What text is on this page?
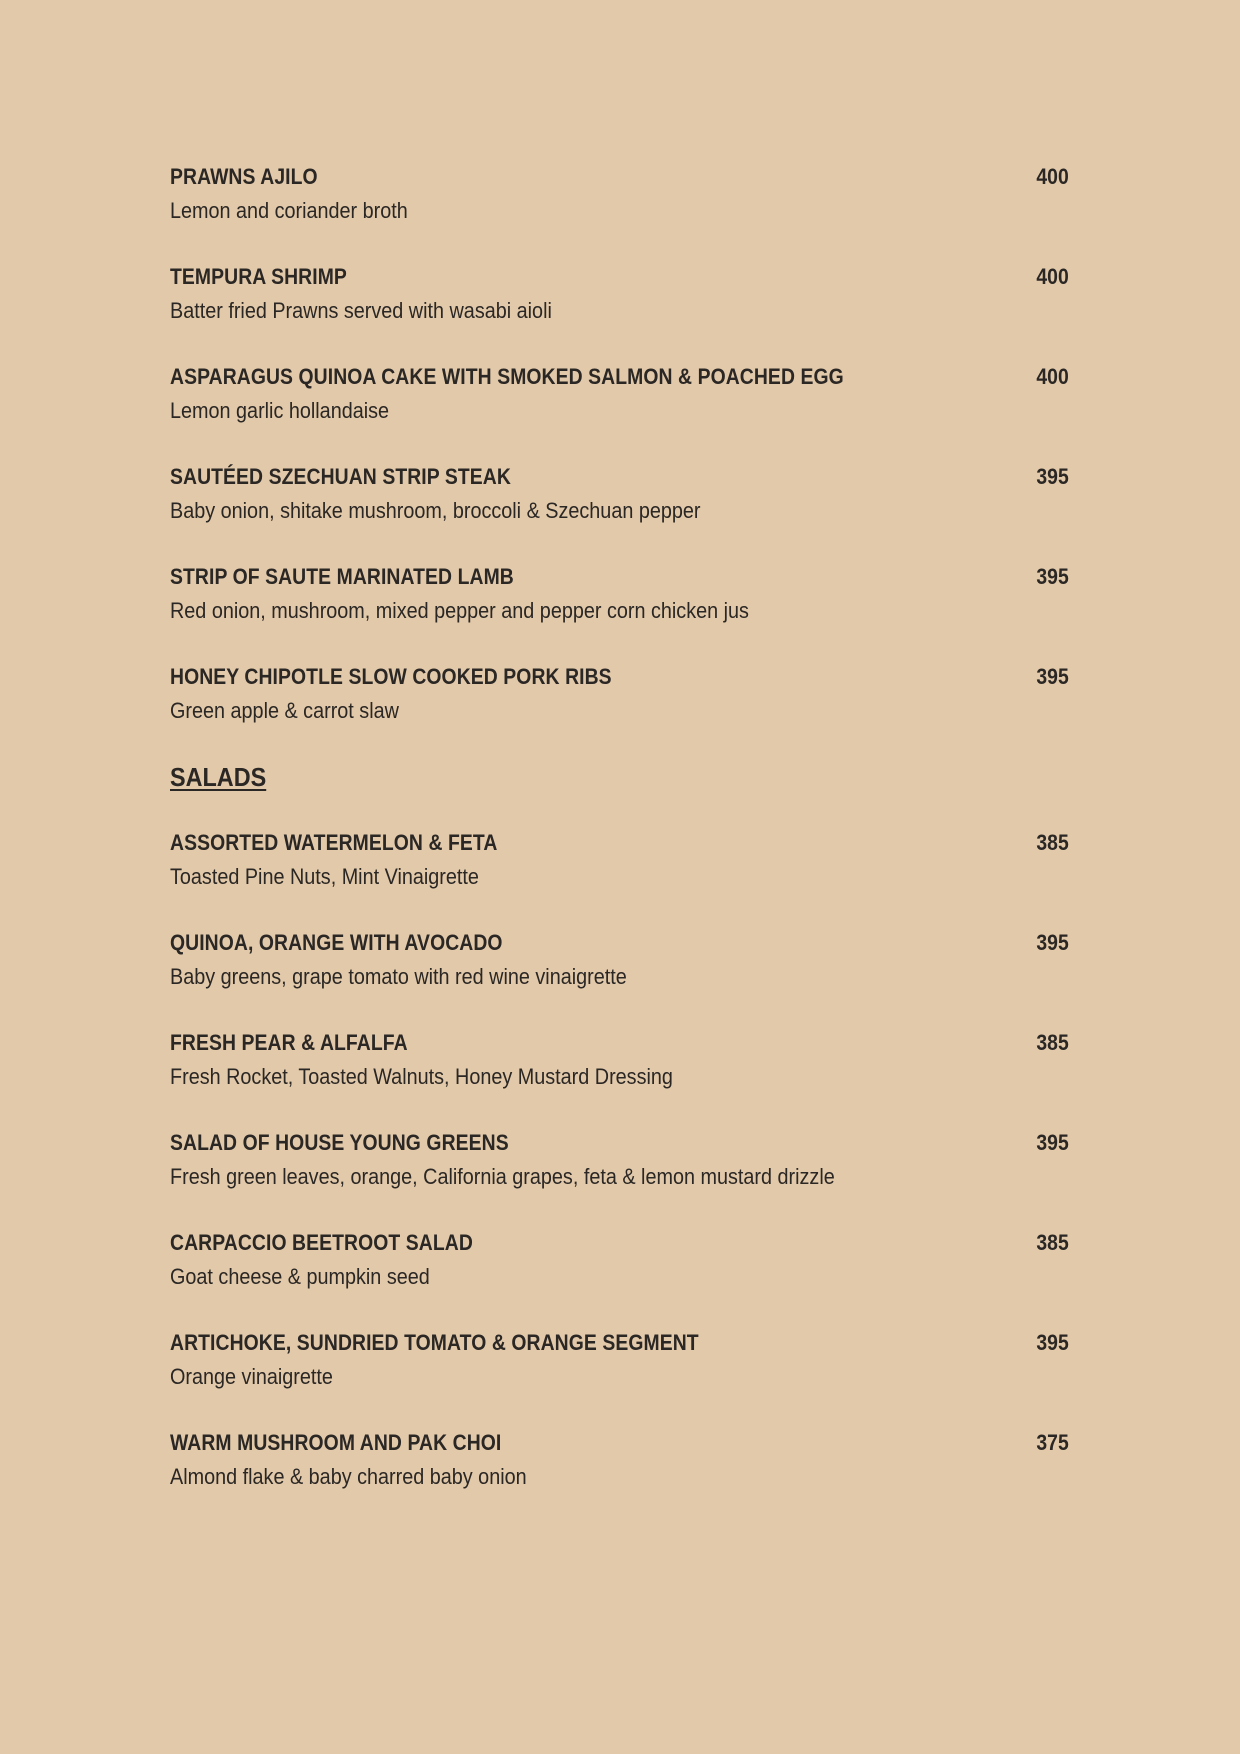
PRAWNS AJILO	400
Lemon and coriander broth
TEMPURA SHRIMP	400
Batter fried Prawns served with wasabi aioli
ASPARAGUS QUINOA CAKE WITH SMOKED SALMON & POACHED EGG	400
Lemon garlic hollandaise
SAUTÉED SZECHUAN STRIP STEAK	395
Baby onion, shitake mushroom, broccoli & Szechuan pepper
STRIP OF SAUTE MARINATED LAMB	395
Red onion, mushroom, mixed pepper and pepper corn chicken jus
HONEY CHIPOTLE SLOW COOKED PORK RIBS	395
Green apple & carrot slaw
SALADS
ASSORTED WATERMELON & FETA	385
Toasted Pine Nuts, Mint Vinaigrette
QUINOA, ORANGE WITH AVOCADO	395
Baby greens, grape tomato with red wine vinaigrette
FRESH PEAR & ALFALFA	385
Fresh Rocket, Toasted Walnuts, Honey Mustard Dressing
SALAD OF HOUSE YOUNG GREENS	395
Fresh green leaves, orange, California grapes, feta & lemon mustard drizzle
CARPACCIO BEETROOT SALAD	385
Goat cheese & pumpkin seed
ARTICHOKE, SUNDRIED TOMATO & ORANGE SEGMENT	395
Orange vinaigrette
WARM MUSHROOM AND PAK CHOI	375
Almond flake & baby charred baby onion
